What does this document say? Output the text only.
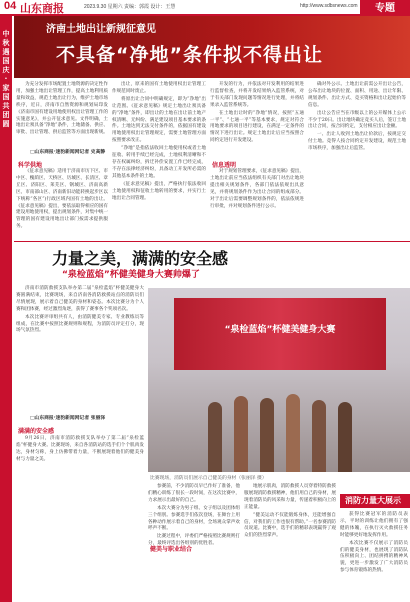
04 山东商报	2023.9.30 星期六 责编：郭霞 设计：王慧	http://www.sdbsnews.com	专题
中
秋
遇
国
庆
·
家
国
共
团
圆
济南土地出让新规征意见
不具备“净地”条件拟不得出让

为充分发挥市场配置土地资源的决定性作用，加强土地出让管理工作，提高土地利用质量和效益，规范土地出让行为，维护土地市场秩序，近日，济南市自然资源和规划局印发《济南市国有建设用地使用权出让管理工作的实施意见》，并公开征求意见。文件明确，土地出让须具备“净地”条件，土地储备、供应、审批、出让管理、供后监管等方面出现新规。

□山东商报·速豹新闻网记者 史高静
科学供地

《征求意见稿》适用于济南市历下区、市中区、槐荫区、天桥区、历城区、长清区、章丘区、济阳区、莱芜区、钢城区、济南高新区、市南部山区、济南新旧动能转换起步区以下统称“各区”)行政区域内国有土地的出让。《征求意见稿》提出，要依法取得相应的国有建设用地使用权，提出规划条件，对集中统一管理的国有建设用地出让部门按需求提供服务。

出让，原来的国有土地使用权出让管理工作规范同时废止。

将原出让合同中明确规定，即为“净地”出让范围。《征求意见稿》规定土地出让须具备的“净地”条件，即出让的土地在出让前土地产权清晰、无纠纷、满足建设项目基本要求的条件。土地达到无法交付条件的，依据国有建设用地使用权出让管理规定，需要土地管理方面按照要求改正。

“净地”是指依法收回土地使用权或者土地征收、转用手续已经完成，土地权利清晰和不存在权属纠纷，拆迁补偿安置工作已经完成，不存在法律经济纠纷，具备动工开发所必需的其他基本条件的土地。

《征求意见稿》提出，严格执行依法收回土地使用权和征收土地转用的要求，并实行土地出让合同管理。

开发的行为，并依法对开发利用的结果进行监督检查，并将开发结果纳入监管系统，对于有关部门发现问题等情况进行处理，并将结果录入监管系统等。

在土地出让时的“净地”情况，按照“五通一平”、“七通一平”等基本要求，规定对符合用地要求的项目进行建设，在满足一定条件的情况下进行出让。规定土地出让后应当按照合同约定进行开发建设。

信息透明

对于规划管理要求，《征求意见稿》提出，土地出让前应当依法组织有关部门对出让地块提出相关规划条件，各部门依法依规出具意见，并将规划条件作为出让合同的组成部分。对于出让后需要调整规划条件的，依法依规进行审批，并对规划条件进行公示。

确对外公示。土地出让前需公开出让公告，公布出让地块的位置、面积、用途、出让年限、规划条件、出让方式、竞买资格和出让起始价等信息。

出让公告应当在市级以上的公开媒体上公示不少于20日。出让地块确定竞买人后，签订土地出让合同，按合同约定，支付相应出让金额。

一、出让人收到土地出让价款后，按规定交付土地。竞得人按合同约定开发建设，规范土地市场秩序，加强出让后监管。

力量之美，满满的安全感
“泉检蓝焰”杯健美健身大赛帅爆了

济南市消防救援支队举办第二届“泉检蓝焰”杯健美健身大赛圆满结束，比赛现场，来自济南各消防救援站点的消防员们尽情展现，展示着自己健美的身材和姿态。本次比赛分为个人赛和团体赛，经过激烈角逐，获得了赛事各个奖项名次。

本次比赛评审组共有人，由消防健美专家、专业教练员等组成，在比赛中按照比赛规则和规程，为消防员评定打分，现场气氛热烈。

□山东商报·速豹新闻网记者 张丽泽
满满的安全感

9月26日，济南市消防救援支队举办了第二届“泉检蓝焰”杯健身大赛。比赛现场，来自各消防站的选手们个个肌肉发达，身材匀称，身上仿佛带着力量，不断展现着他们的健美身材与力量之美。

“泉检蓝焰”杯健美健身大赛
比赛现场，消防员们展示自己健美的身材（张丽泽 摄）

参赛前，不少消防员早已作好了准备，他们精心训练了很长一段时间，在这次比赛中，力求展示出最好的自己。

本次大赛分为男子组、女子组以及团体组三个组别。参赛选手们依次登场，在舞台上用各种动作展示着自己的身材，全场观众掌声欢呼声不断。

比赛过程中，评委们严格按照比赛规则打分，最终评选出各组别的优胜者。

健美与职业结合

地展示肌肉，消防救援人员穿着特防救援服展现消防救援精神，他们用自己的身材，展现着消防员的风采和力量，传递着积极向上的正能量。

“健美运动不仅能锻炼身体，还能增强自信，对我们的工作也很有帮助。”一名参赛消防员说道。比赛中，选手们的精彩表现赢得了观众们的热烈掌声。

消防力量大展示

获得比赛冠军的消防员表示，平时的训练让他们拥有了强健的体魄，在执行灭火救援任务时能够更好地发挥作用。

本次比赛不仅展示了消防员们的健美身材，也展现了消防队伍积极向上、团结拼搏的精神风貌，更进一步激发了广大消防员参与体育锻炼的热情。
